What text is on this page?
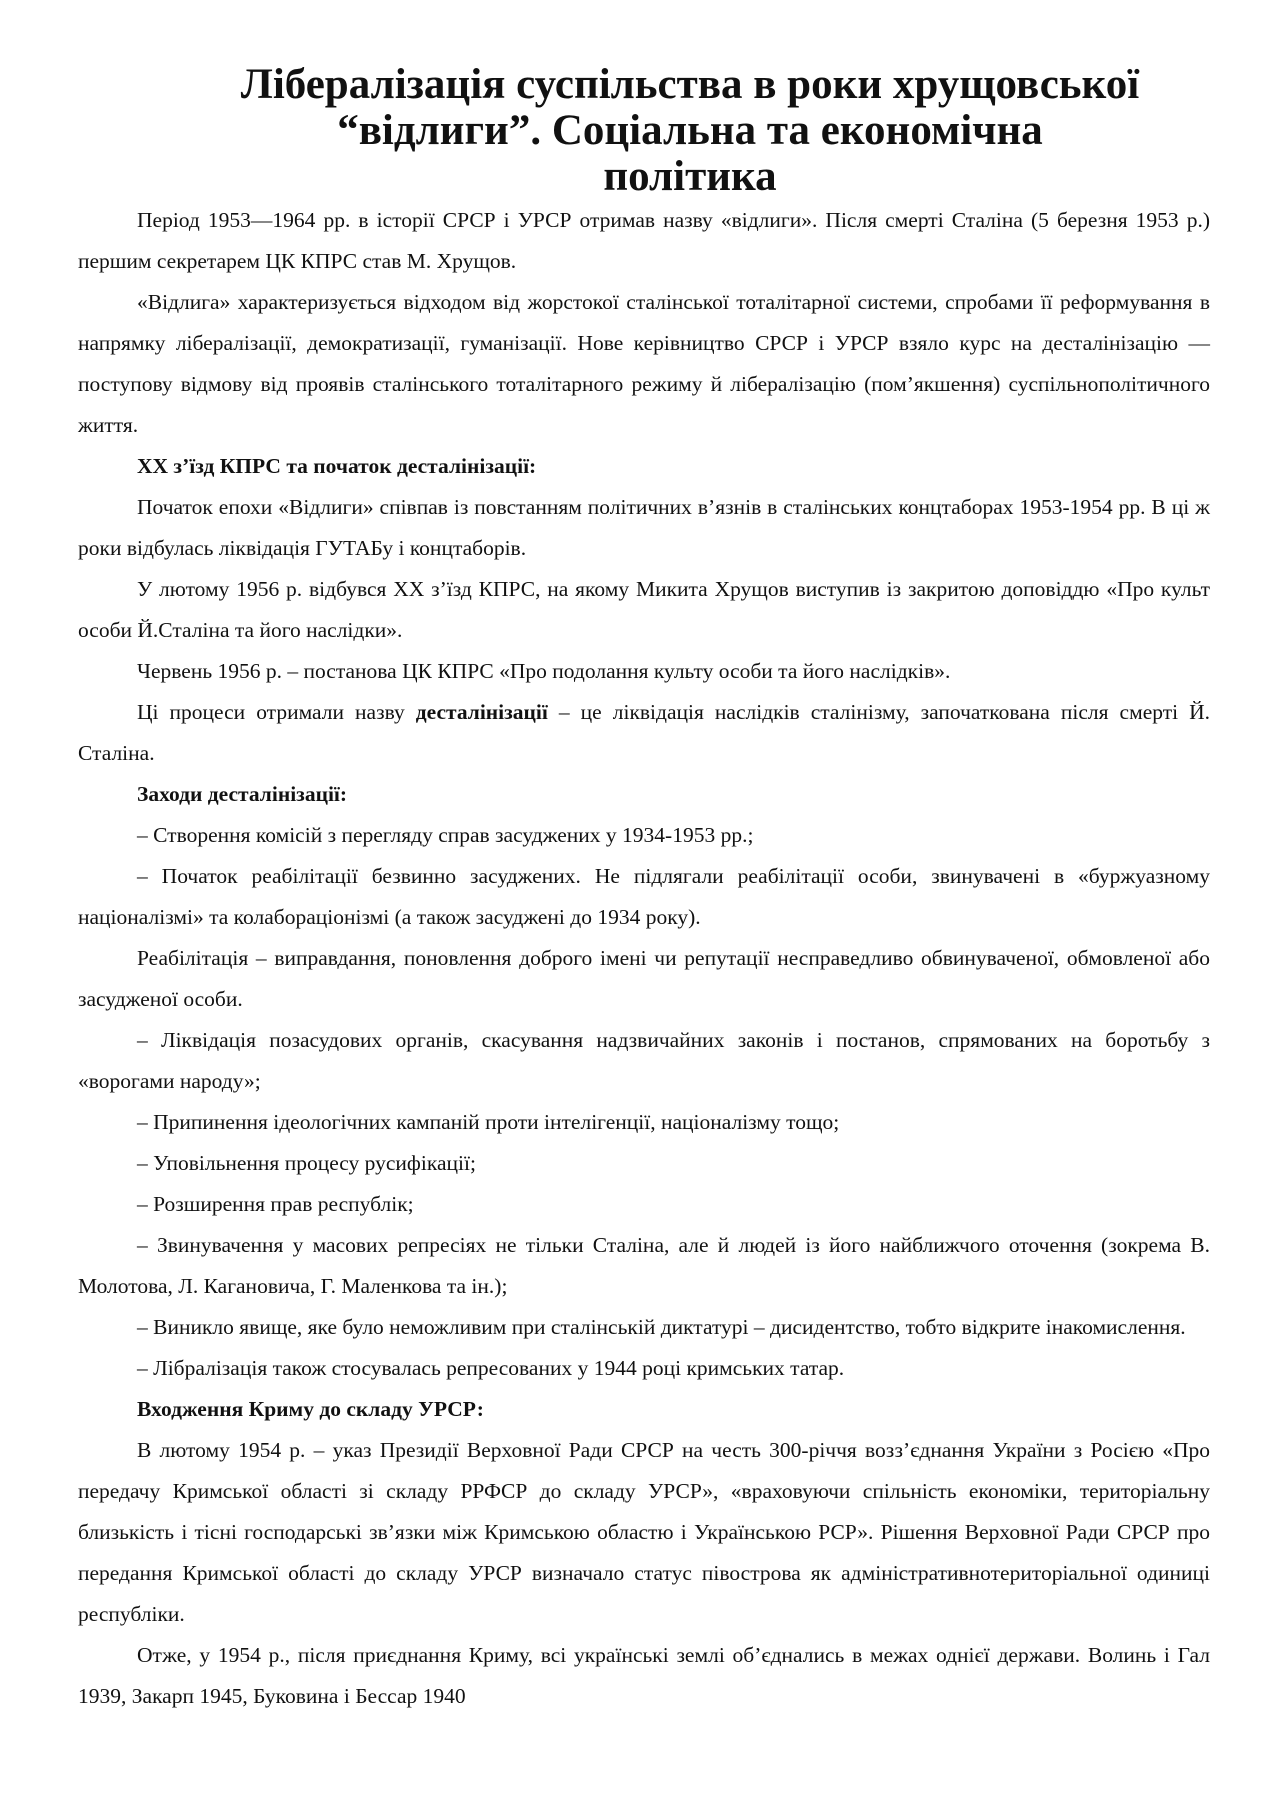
Лібералізація суспільства в роки хрущовської “відлиги”. Соціальна та економічна

політика

Період 1953—1964 рр. в історії СРСР і УРСР отримав назву «відлиги». Після смерті Сталіна (5 березня 1953 р.) першим секретарем ЦК КПРС став М. Хрущов.

«Відлига» характеризується відходом від жорстокої сталінської тоталітарної системи, спробами її реформування в напрямку лібералізації, демократизації, гуманізації. Нове керівництво СРСР і УРСР взяло курс на десталінізацію — поступову відмову від проявів сталінського тоталітарного режиму й лібералізацію (пом’якшення) суспільнополітичного життя.

XX з’їзд КПРС та початок десталінізації:

Початок епохи «Відлиги» співпав із повстанням політичних в’язнів в сталінських концтаборах 1953-1954 рр. В ці ж роки відбулась ліквідація ГУТАБу і концтаборів.

У лютому 1956 р. відбувся XX з’їзд КПРС, на якому Микита Хрущов виступив із закритою доповіддю «Про культ особи Й.Сталіна та його наслідки».

Червень 1956 р. – постанова ЦК КПРС «Про подолання культу особи та його наслідків».

Ці процеси отримали назву десталінізації – це ліквідація наслідків сталінізму, започаткована після смерті Й. Сталіна.

Заходи десталінізації:

– Створення комісій з перегляду справ засуджених у 1934-1953 рр.;

– Початок реабілітації безвинно засуджених. Не підлягали реабілітації особи, звинувачені в «буржуазному націоналізмі» та колабораціонізмі (а також засуджені до 1934 року).

Реабілітація – виправдання, поновлення доброго імені чи репутації несправедливо обвинуваченої, обмовленої або засудженої особи.

– Ліквідація позасудових органів, скасування надзвичайних законів і постанов, спрямованих на боротьбу з «ворогами народу»;

– Припинення ідеологічних кампаній проти інтелігенції, націоналізму тощо;

– Уповільнення процесу русифікації;

– Розширення прав республік;

– Звинувачення у масових репресіях не тільки Сталіна, але й людей із його найближчого оточення (зокрема В. Молотова, Л. Кагановича, Г. Маленкова та ін.);

– Виникло явище, яке було неможливим при сталінській диктатурі – дисидентство, тобто відкрите інакомислення.

– Лібралізація також стосувалась репресованих у 1944 році кримських татар.

Входження Криму до складу УРСР:

В лютому 1954 р. – указ Президії Верховної Ради СРСР на честь 300-річчя возз’єднання України з Росією «Про передачу Кримської області зі складу РРФСР до складу УРСР», «враховуючи спільність економіки, територіальну близькість і тісні господарські зв’язки між Кримською областю і Українською РСР». Рішення Верховної Ради СРСР про передання Кримської області до складу УРСР визначало статус півострова як адміністративнотериторіальної одиниці республіки.

Отже, у 1954 р., після приєднання Криму, всі українські землі об’єднались в межах однієї держави. Волинь і Гал 1939, Закарп 1945, Буковина і Бессар 1940
